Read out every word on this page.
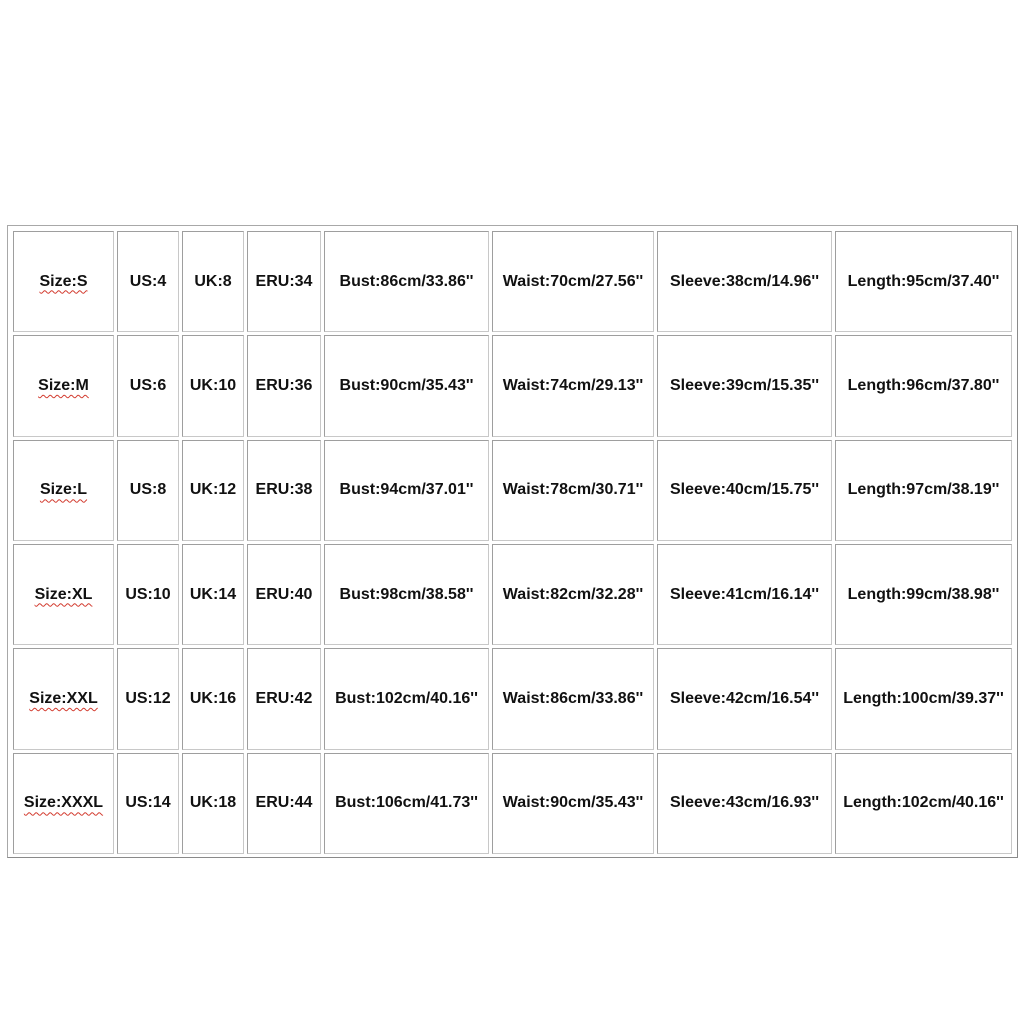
Size:S	US:4	UK:8	ERU:34	Bust:86cm/33.86''	Waist:70cm/27.56''	Sleeve:38cm/14.96''	Length:95cm/37.40''
Size:M	US:6	UK:10	ERU:36	Bust:90cm/35.43''	Waist:74cm/29.13''	Sleeve:39cm/15.35''	Length:96cm/37.80''
Size:L	US:8	UK:12	ERU:38	Bust:94cm/37.01''	Waist:78cm/30.71''	Sleeve:40cm/15.75''	Length:97cm/38.19''
Size:XL	US:10	UK:14	ERU:40	Bust:98cm/38.58''	Waist:82cm/32.28''	Sleeve:41cm/16.14''	Length:99cm/38.98''
Size:XXL	US:12	UK:16	ERU:42	Bust:102cm/40.16''	Waist:86cm/33.86''	Sleeve:42cm/16.54''	Length:100cm/39.37''
Size:XXXL	US:14	UK:18	ERU:44	Bust:106cm/41.73''	Waist:90cm/35.43''	Sleeve:43cm/16.93''	Length:102cm/40.16''
